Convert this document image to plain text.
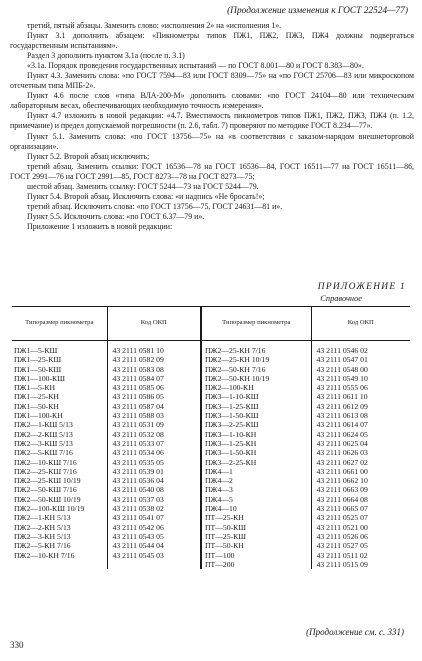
(Продолжение изменения к ГОСТ 22524—77)

третий, пятый абзацы. Заменить слово: «исполнения 2» на «исполнения 1».

Пункт 3.1 дополнить абзацем: «Пикнометры типов ПЖ1, ПЖ2, ПЖ3, ПЖ4 должны подвергаться государственным испытаниям».

Раздел 3 дополнить пунктом 3.1а (после п. 3.1)

«3.1а. Порядок проведения государственных испытаний — по ГОСТ 8.001—80 и ГОСТ 8.383—80».

Пункт 4.3. Заменить слова: «по ГОСТ 7594—83 или ГОСТ 8309—75» на «по ГОСТ 25706—83 или микроскопом отсчетным типа МПБ-2».

Пункт 4.6 после слов «типа ВЛА-200-М» дополнить словами: «по ГОСТ 24104—80 или техническим лабораторным весах, обеспечивающих необходимую точность измерения».

Пункт 4.7 изложить в новой редакции: «4.7. Вместимость пикнометров типов ПЖ1, ПЖ2, ПЖ3, ПЖ4 (п. 1.2, примечание) и предел допускаемой погрешности (п. 2.6, табл. 7) проверяют по методике ГОСТ 8.234—77».

Пункт 5.1. Заменить слова: «по ГОСТ 13756—75» на «в соответствии с заказом-нарядом внешнеторговой организации».

Пункт 5.2. Второй абзац исключить;

третий абзац. Заменить ссылки: ГОСТ 16536—78 на ГОСТ 16536—84, ГОСТ 16511—77 на ГОСТ 16511—86, ГОСТ 2991—76 на ГОСТ 2991—85, ГОСТ 8273—78 на ГОСТ 8273—75;

шестой абзац. Заменить ссылку: ГОСТ 5244—73 на ГОСТ 5244—79.

Пункт 5.4. Второй абзац. Исключить слова: «и надпись «Не бросать!»;

третий абзац. Исключить слова: «по ГОСТ 13756—75, ГОСТ 24631—81 и».

Пункт 5.5. Исключить слова: «по ГОСТ 6.37—79 и».

Приложение 1 изложить в новой редакции:

ПРИЛОЖЕНИЕ 1
Справочное
Типоразмер пикнометра	Код ОКП	Типоразмер пикнометра	Код ОКП
ПЖ1—5-КШ	43 2111 0581 10	ПЖ2—25-КН 7/16	43 2111 0546 02
ПЖ1—25-КШ	43 2111 0582 09	ПЖ2—25-КН 10/19	43 2111 0547 01
ПЖ1—50-КШ	43 2111 0583 08	ПЖ2—50-КН 7/16	43 2111 0548 00
ПЖ1—100-КШ	43 2111 0584 07	ПЖ2—50-КН 10/19	43 2111 0549 10
ПЖ1—5-КН	43 2111 0585 06	ПЖ2—100-КН	43 2111 0555 06
ПЖ1—25-КН	43 2111 0586 05	ПЖ3—1-10-КШ	43 2111 0611 10
ПЖ1—50-КН	43 2111 0587 04	ПЖ3—1-25-КШ	43 2111 0612 09
ПЖ1—100-КН	43 2111 0588 03	ПЖ3—1-50-КШ	43 2111 0613 08
ПЖ2—1-КШ 5/13	43 2111 0531 09	ПЖ3—2-25-КШ	43 2111 0614 07
ПЖ2—2-КШ 5/13	43 2111 0532 08	ПЖ3—1-10-КН	43 2111 0624 05
ПЖ2—3-КШ 5/13	43 2111 0533 07	ПЖ3—1-25-КН	43 2111 0625 04
ПЖ2—5-КШ 7/16	43 2111 0534 06	ПЖ3—1-50-КН	43 2111 0626 03
ПЖ2—10-КШ 7/16	43 2111 0535 05	ПЖ3—2-25-КН	43 2111 0627 02
ПЖ2—25-КШ 7/16	43 2111 0539 01	ПЖ4—1	43 2111 0661 00
ПЖ2—25-КШ 10/19	43 2111 0536 04	ПЖ4—2	43 2111 0662 10
ПЖ2—50-КШ 7/16	43 2111 0540 08	ПЖ4—3	43 2111 0663 09
ПЖ2—50-КШ 10/19	43 2111 0537 03	ПЖ4—5	43 2111 0664 08
ПЖ2—100-КШ 10/19	43 2111 0538 02	ПЖ4—10	43 2111 0665 07
ПЖ2—1-КН 5/13	43 2111 0541 07	ПТ—25-КН	43 2111 0525 07
ПЖ2—2-КН 5/13	43 2111 0542 06	ПТ—50-КШ	43 2111 0521 00
ПЖ2—3-КН 5/13	43 2111 0543 05	ПТ—25-КШ	43 2111 0526 06
ПЖ2—5-КН 7/16	43 2111 0544 04	ПТ—50-КН	43 2111 0527 05
ПЖ2—10-КН 7/16	43 2111 0545 03	ПТ—100	43 2111 0511 02
		ПТ—200	43 2111 0515 09
(Продолжение см. с. 331)
330
